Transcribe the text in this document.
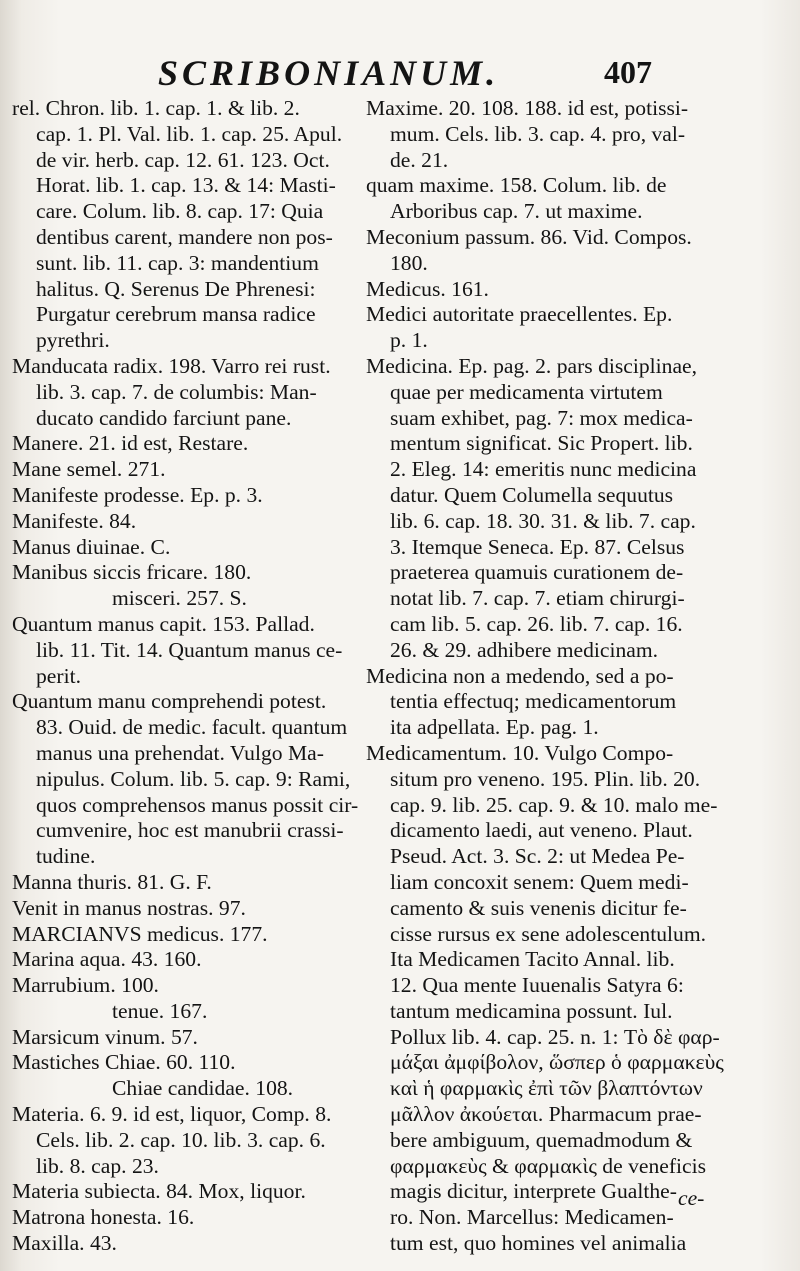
SCRIBONIANUM.	407
rel. Chron. lib. 1. cap. 1. & lib. 2.
cap. 1. Pl. Val. lib. 1. cap. 25. Apul.
de vir. herb. cap. 12. 61. 123. Oct.
Horat. lib. 1. cap. 13. & 14: Masti-
care. Colum. lib. 8. cap. 17: Quia
dentibus carent, mandere non pos-
sunt. lib. 11. cap. 3: mandentium
halitus. Q. Serenus De Phrenesi:
Purgatur cerebrum mansa radice
pyrethri.
Manducata radix. 198. Varro rei rust.
lib. 3. cap. 7. de columbis: Man-
ducato candido farciunt pane.
Manere. 21. id est, Restare.
Mane semel. 271.
Manifeste prodesse. Ep. p. 3.
Manifeste. 84.
Manus diuinae. C.
Manibus siccis fricare. 180.
misceri. 257. S.
Quantum manus capit. 153. Pallad.
lib. 11. Tit. 14. Quantum manus ce-
perit.
Quantum manu comprehendi potest.
83. Ouid. de medic. facult. quantum
manus una prehendat. Vulgo Ma-
nipulus. Colum. lib. 5. cap. 9: Rami,
quos comprehensos manus possit cir-
cumvenire, hoc est manubrii crassi-
tudine.
Manna thuris. 81. G. F.
Venit in manus nostras. 97.
MARCIANVS medicus. 177.
Marina aqua. 43. 160.
Marrubium. 100.
tenue. 167.
Marsicum vinum. 57.
Mastiches Chiae. 60. 110.
Chiae candidae. 108.
Materia. 6. 9. id est, liquor, Comp. 8.
Cels. lib. 2. cap. 10. lib. 3. cap. 6.
lib. 8. cap. 23.
Materia subiecta. 84. Mox, liquor.
Matrona honesta. 16.
Maxilla. 43.
Maxime. 20. 108. 188. id est, potissi-
mum. Cels. lib. 3. cap. 4. pro, val-
de. 21.
quam maxime. 158. Colum. lib. de
Arboribus cap. 7. ut maxime.
Meconium passum. 86. Vid. Compos.
180.
Medicus. 161.
Medici autoritate praecellentes. Ep.
p. 1.
Medicina. Ep. pag. 2. pars disciplinae,
quae per medicamenta virtutem
suam exhibet, pag. 7: mox medica-
mentum significat. Sic Propert. lib.
2. Eleg. 14: emeritis nunc medicina
datur. Quem Columella sequutus
lib. 6. cap. 18. 30. 31. & lib. 7. cap.
3. Itemque Seneca. Ep. 87. Celsus
praeterea quamuis curationem de-
notat lib. 7. cap. 7. etiam chirurgi-
cam lib. 5. cap. 26. lib. 7. cap. 16.
26. & 29. adhibere medicinam.
Medicina non a medendo, sed a po-
tentia effectuq; medicamentorum
ita adpellata. Ep. pag. 1.
Medicamentum. 10. Vulgo Compo-
situm pro veneno. 195. Plin. lib. 20.
cap. 9. lib. 25. cap. 9. & 10. malo me-
dicamento laedi, aut veneno. Plaut.
Pseud. Act. 3. Sc. 2: ut Medea Pe-
liam concoxit senem: Quem medi-
camento & suis venenis dicitur fe-
cisse rursus ex sene adolescentulum.
Ita Medicamen Tacito Annal. lib.
12. Qua mente Iuuenalis Satyra 6:
tantum medicamina possunt. Iul.
Pollux lib. 4. cap. 25. n. 1: Τὸ δὲ φαρ-
μάξαι ἀμφίβολον, ὥσπερ ὁ φαρμακεὺς
καὶ ἡ φαρμακὶς ἐπὶ τῶν βλαπτόντων
μᾶλλον ἀκούεται. Pharmacum prae-
bere ambiguum, quemadmodum &
φαρμακεὺς & φαρμακὶς de veneficis
magis dicitur, interprete Gualthe-
ro. Non. Marcellus: Medicamen-
tum est, quo homines vel animalia
ce-
